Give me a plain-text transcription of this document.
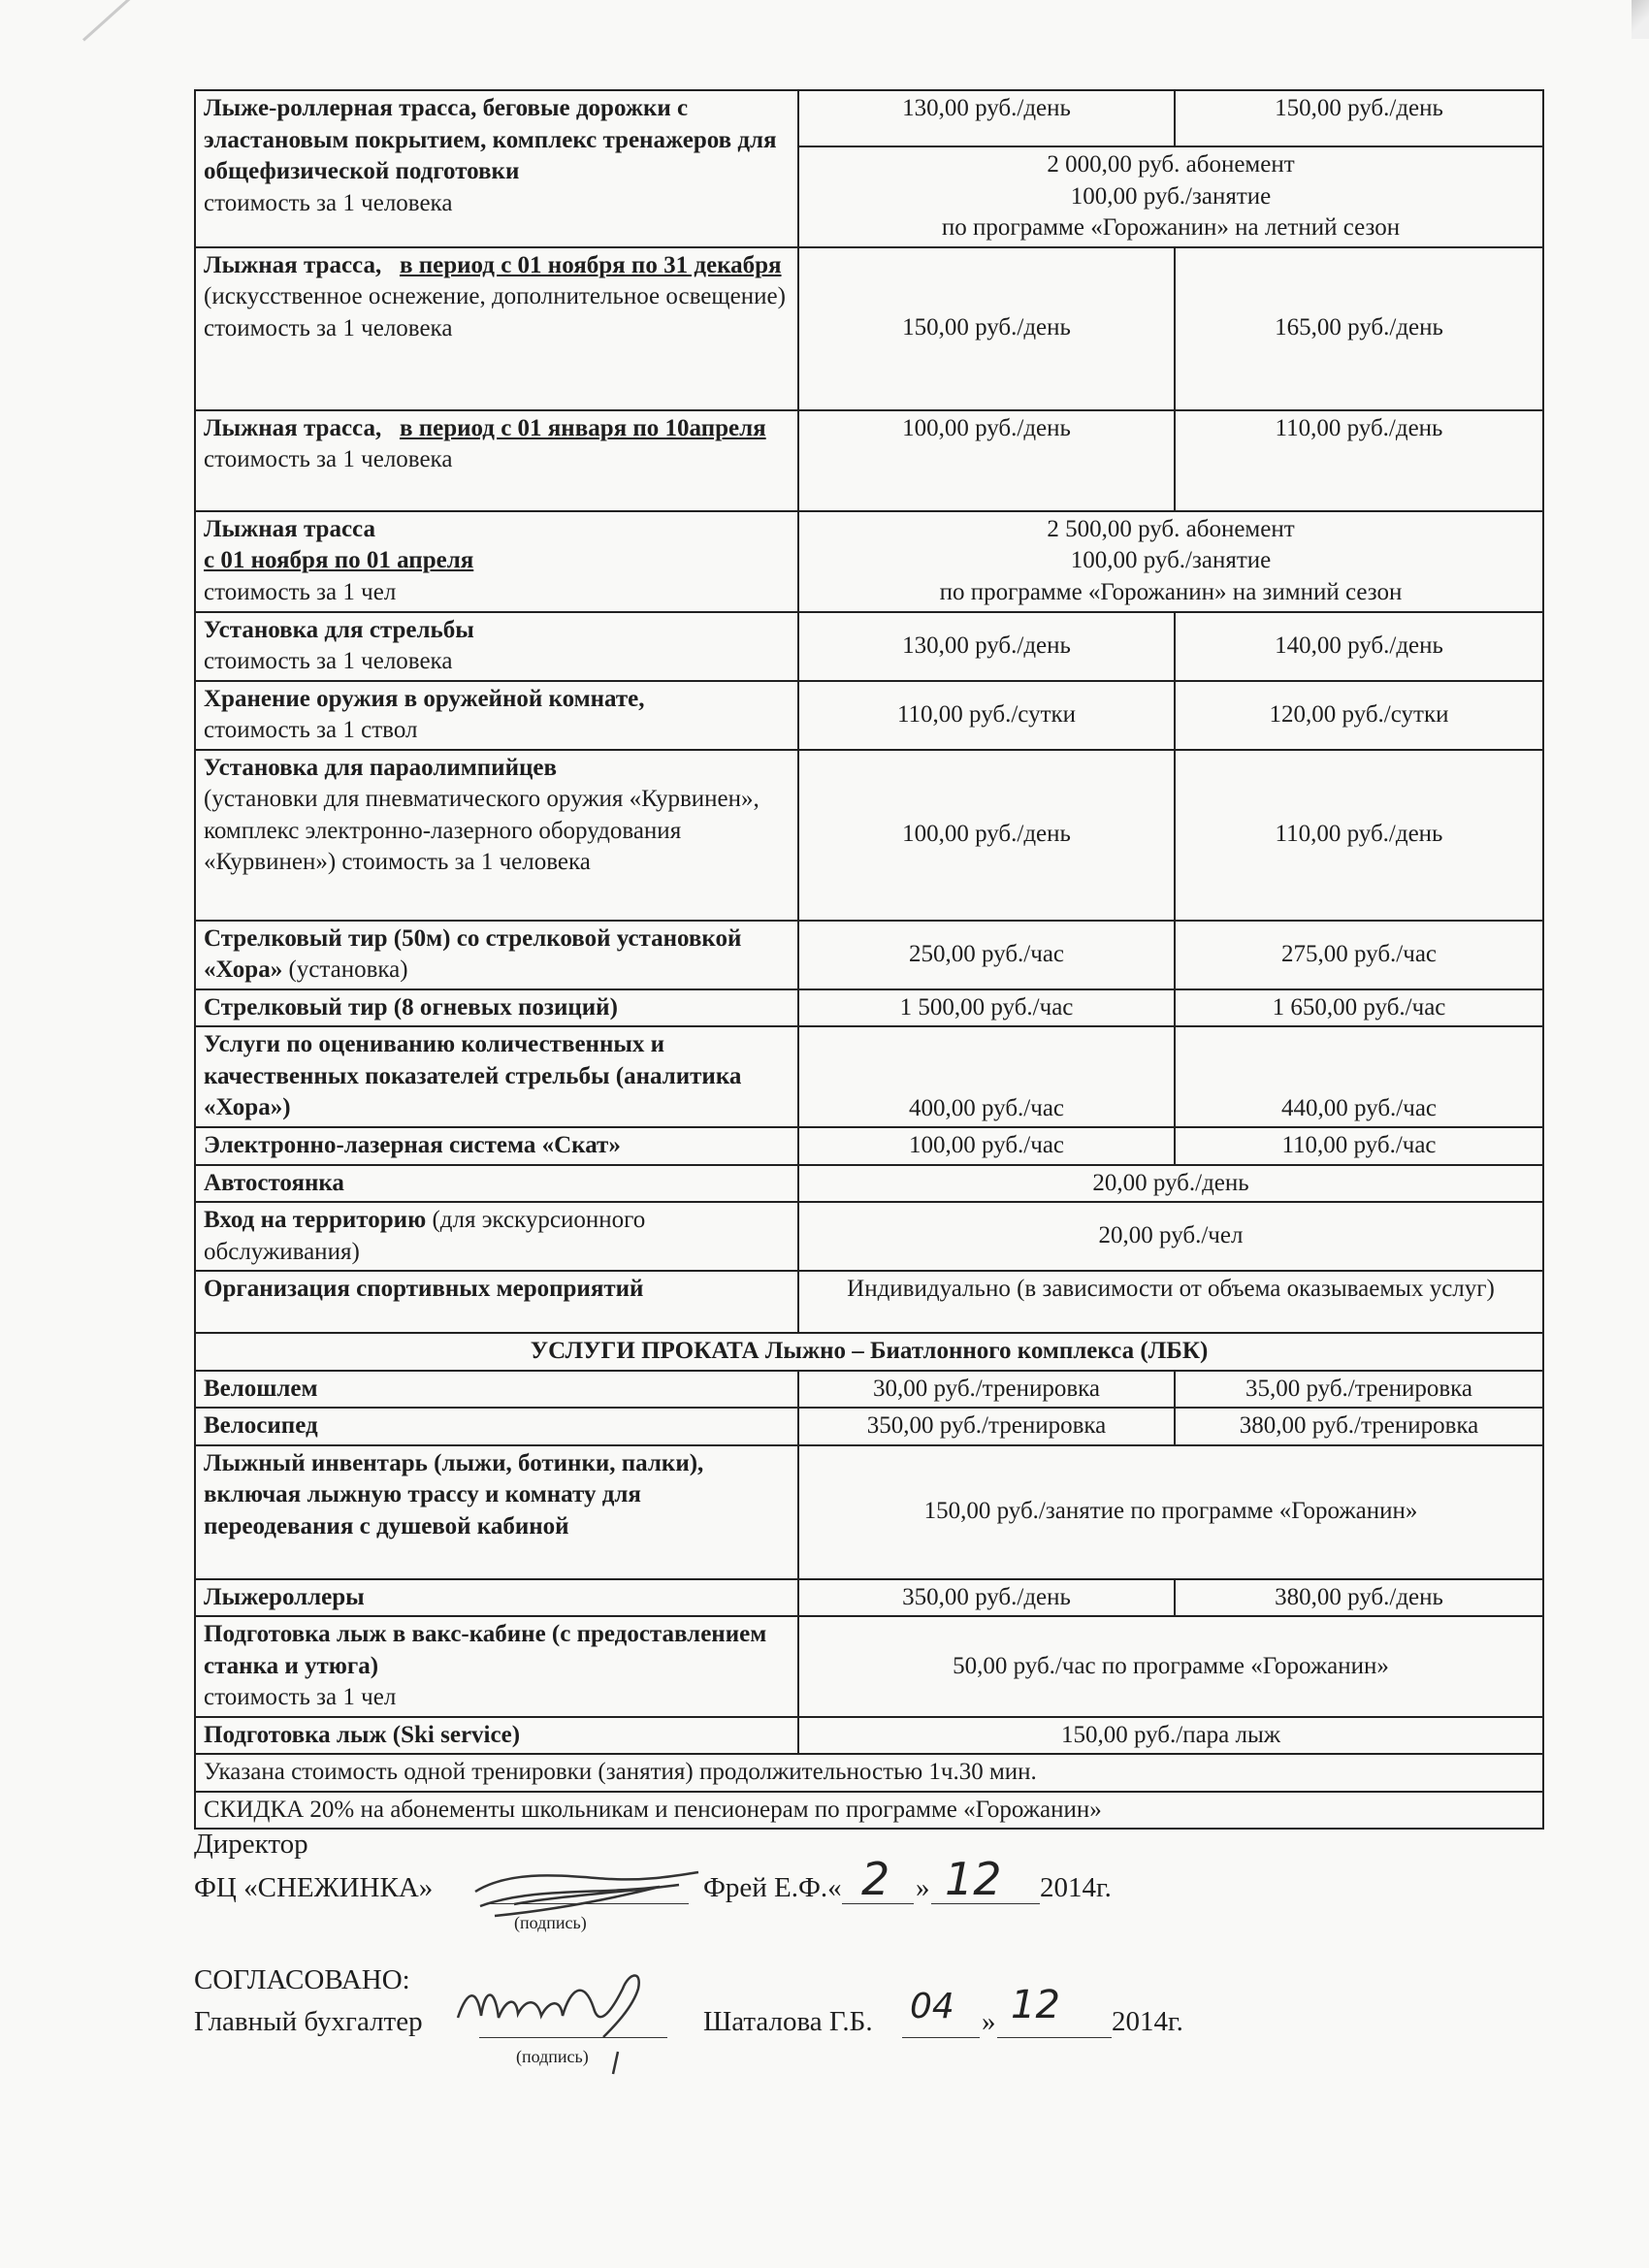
Лыже-роллерная трасса, беговые дорожки с эластановым покрытием, комплекс тренажеров для общефизической подготовки
стоимость за 1 человека	130,00 руб./день	150,00 руб./день
	2 000,00 руб. абонемент
100,00 руб./занятие
по программе «Горожанин» на летний сезон	
Лыжная трасса, в период с 01 ноября по 31 декабря
(искусственное оснежение, дополнительное освещение)
стоимость за 1 человека	150,00 руб./день	165,00 руб./день
Лыжная трасса, в период с 01 января по 10апреля
стоимость за 1 человека	100,00 руб./день	110,00 руб./день
Лыжная трасса
с 01 ноября по 01 апреля
стоимость за 1 чел	2 500,00 руб. абонемент
100,00 руб./занятие
по программе «Горожанин» на зимний сезон	
Установка для стрельбы
стоимость за 1 человека	130,00 руб./день	140,00 руб./день
Хранение оружия в оружейной комнате,
стоимость за 1 ствол	110,00 руб./сутки	120,00 руб./сутки
Установка для параолимпийцев
(установки для пневматического оружия «Курвинен», комплекс электронно-лазерного оборудования «Курвинен») стоимость за 1 человека	100,00 руб./день	110,00 руб./день
Стрелковый тир (50м) со стрелковой установкой «Хора» (установка)	250,00 руб./час	275,00 руб./час
Стрелковый тир (8 огневых позиций)	1 500,00 руб./час	1 650,00 руб./час
Услуги по оцениванию количественных и качественных показателей стрельбы (аналитика «Хора»)	400,00 руб./час	440,00 руб./час
Электронно-лазерная система «Скат»	100,00 руб./час	110,00 руб./час
Автостоянка	20,00 руб./день	
Вход на территорию (для экскурсионного обслуживания)	20,00 руб./чел	
Организация спортивных мероприятий	Индивидуально (в зависимости от объема оказываемых услуг)	
УСЛУГИ ПРОКАТА Лыжно – Биатлонного комплекса (ЛБК)		
Велошлем	30,00 руб./тренировка	35,00 руб./тренировка
Велосипед	350,00 руб./тренировка	380,00 руб./тренировка
Лыжный инвентарь (лыжи, ботинки, палки), включая лыжную трассу и комнату для переодевания с душевой кабиной	150,00 руб./занятие по программе «Горожанин»	
Лыжероллеры	350,00 руб./день	380,00 руб./день
Подготовка лыж в вакс-кабине (с предоставлением станка и утюга)
стоимость за 1 чел	50,00 руб./час по программе «Горожанин»	
Подготовка лыж (Ski service)	150,00 руб./пара лыж	
Указана стоимость одной тренировки (занятия) продолжительностью 1ч.30 мин.		
СКИДКА 20% на абонементы школьникам и пенсионерам по программе «Горожанин»		
Директор
ФЦ «СНЕЖИНКА»
(подпись)
Фрей Е.Ф.« 2 » 12 2014г.
СОГЛАСОВАНО:
Главный бухгалтер
(подпись)
Шаталова Г.Б. 04 » 12 2014г.
